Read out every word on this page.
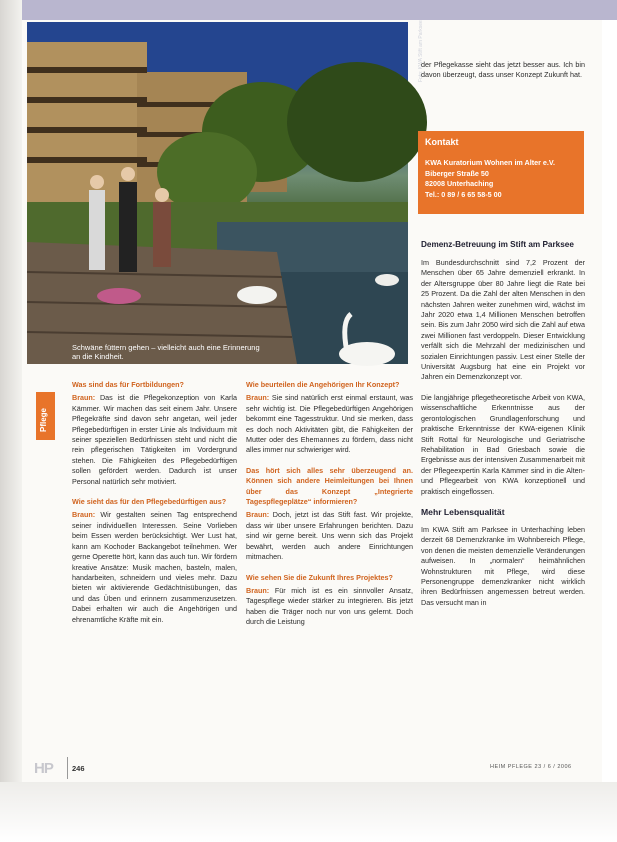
Foto: KWA Stift am Parksee
Schwäne füttern gehen – vielleicht auch eine Erinnerung an die Kindheit.
Pflege
Was sind das für Fortbildungen?
Braun: Das ist die Pflegekonzeption von Karla Kämmer. Wir machen das seit einem Jahr. Unsere Pflegekräfte sind davon sehr angetan, weil jeder Pflegebedürftigen in erster Linie als Individuum mit seiner speziellen Bedürfnissen steht und nicht die rein pflegerischen Tätigkeiten im Vordergrund stehen. Die Fähigkeiten des Pflegebedürftigen sollen gefördert werden. Dadurch ist unser Personal natürlich sehr motiviert.
Wie sieht das für den Pflegebedürftigen aus?
Braun: Wir gestalten seinen Tag entsprechend seiner individuellen Interessen. Seine Vorlieben beim Essen werden berücksichtigt. Wer Lust hat, kann am Kochoder Backangebot teilnehmen. Wer gerne Operette hört, kann das auch tun. Wir fördern kreative Ansätze: Musik machen, basteln, malen, handarbeiten, schneidern und vieles mehr. Dazu bieten wir aktivierende Gedächtnisübungen, das und das Üben und erinnern zusammenzusetzen. Dabei erhalten wir auch die Angehörigen und ehrenamtliche Kräfte mit ein.
Wie beurteilen die Angehörigen Ihr Konzept?
Braun: Sie sind natürlich erst einmal erstaunt, was sehr wichtig ist. Die Pflegebedürftigen Angehörigen bekommt eine Tagesstruktur. Und sie merken, dass es doch noch Aktivitäten gibt, die Fähigkeiten der Mutter oder des Ehemannes zu fördern, dass nicht alles immer nur schwieriger wird.
Das hört sich alles sehr überzeugend an. Können sich andere Heimleitungen bei Ihnen über das Konzept „Integrierte Tagespflegeplätze“ informieren?
Braun: Doch, jetzt ist das Stift fast. Wir projekte, dass wir über unsere Erfahrungen berichten. Dazu sind wir gerne bereit. Uns wenn sich das Projekt bewährt, werden auch andere Einrichtungen mitmachen.
Wie sehen Sie die Zukunft Ihres Projektes?
Braun: Für mich ist es ein sinnvoller Ansatz, Tagespflege wieder stärker zu integrieren. Bis jetzt haben die Träger noch nur von uns gelernt. Doch durch die Leistung
der Pflegekasse sieht das jetzt besser aus. Ich bin davon überzeugt, dass unser Konzept Zukunft hat.
Kontakt
KWA Kuratorium Wohnen im Alter e.V.
Biberger Straße 50
82008 Unterhaching
Tel.: 0 89 / 6 65 58-5 00
Demenz-Betreuung im Stift am Parksee
Im Bundesdurchschnitt sind 7,2 Prozent der Menschen über 65 Jahre demenziell erkrankt. In der Altersgruppe über 80 Jahre liegt die Rate bei 25 Prozent. Da die Zahl der alten Menschen in den nächsten Jahren weiter zunehmen wird, wächst im Jahr 2020 etwa 1,4 Millionen Menschen betroffen sein. Bis zum Jahr 2050 wird sich die Zahl auf etwa zwei Millionen fast verdoppeln. Dieser Entwicklung verfällt sich die Mehrzahl der medizinischen und sozialen Einrichtungen passiv. Lest einer Stelle der Universität Augsburg hat eine ein Projekt vor Jahren ein Demenzkonzept vor.
Die langjährige pflegetheoretische Arbeit von KWA, wissenschaftliche Erkenntnisse aus der gerontologischen Grundlagenforschung und praktische Erkenntnisse der KWA-eigenen Klinik Stift Rottal für Neurologische und Geriatrische Rehabilitation in Bad Griesbach sowie die Ergebnisse aus der intensiven Zusammenarbeit mit der Pflegeexpertin Karla Kämmer sind in die Alten- und Pflegearbeit von KWA konzeptionell und praktisch eingeflossen.
Mehr Lebensqualität
Im KWA Stift am Parksee in Unterhaching leben derzeit 68 Demenzkranke im Wohnbereich Pflege, von denen die meisten demenzielle Veränderungen aufweisen. In „normalen“ heimähnlichen Wohnstrukturen mit Pflege, wird diese Personengruppe demenzkranker nicht wirklich ihren Bedürfnissen angemessen betreut werden. Das versucht man in
HP	246	HEIM PFLEGE 23 / 6 / 2006
